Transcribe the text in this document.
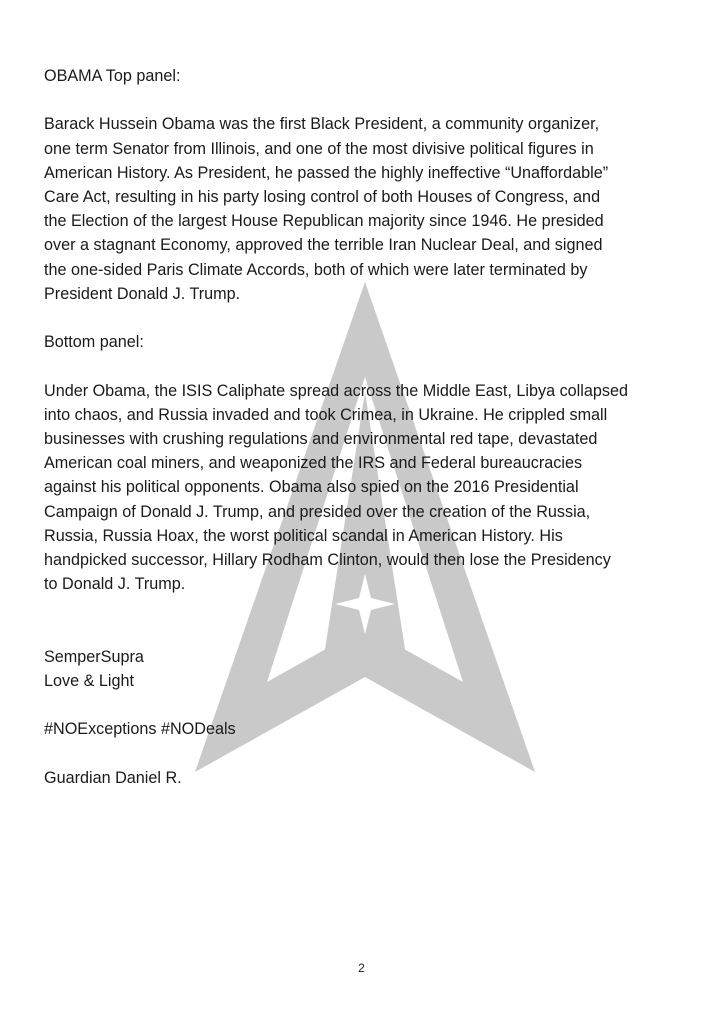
OBAMA Top panel:

Barack Hussein Obama was the first Black President, a community organizer,
one term Senator from Illinois, and one of the most divisive political figures in
American History. As President, he passed the highly ineffective “Unaffordable”
Care Act, resulting in his party losing control of both Houses of Congress, and
the Election of the largest House Republican majority since 1946. He presided
over a stagnant Economy, approved the terrible Iran Nuclear Deal, and signed
the one-sided Paris Climate Accords, both of which were later terminated by
President Donald J. Trump.

Bottom panel:

Under Obama, the ISIS Caliphate spread across the Middle East, Libya collapsed
into chaos, and Russia invaded and took Crimea, in Ukraine. He crippled small
businesses with crushing regulations and environmental red tape, devastated
American coal miners, and weaponized the IRS and Federal bureaucracies
against his political opponents. Obama also spied on the 2016 Presidential
Campaign of Donald J. Trump, and presided over the creation of the Russia,
Russia, Russia Hoax, the worst political scandal in American History. His
handpicked successor, Hillary Rodham Clinton, would then lose the Presidency
to Donald J. Trump.

SemperSupra
Love & Light

#NOExceptions #NODeals

Guardian Daniel R.

2
